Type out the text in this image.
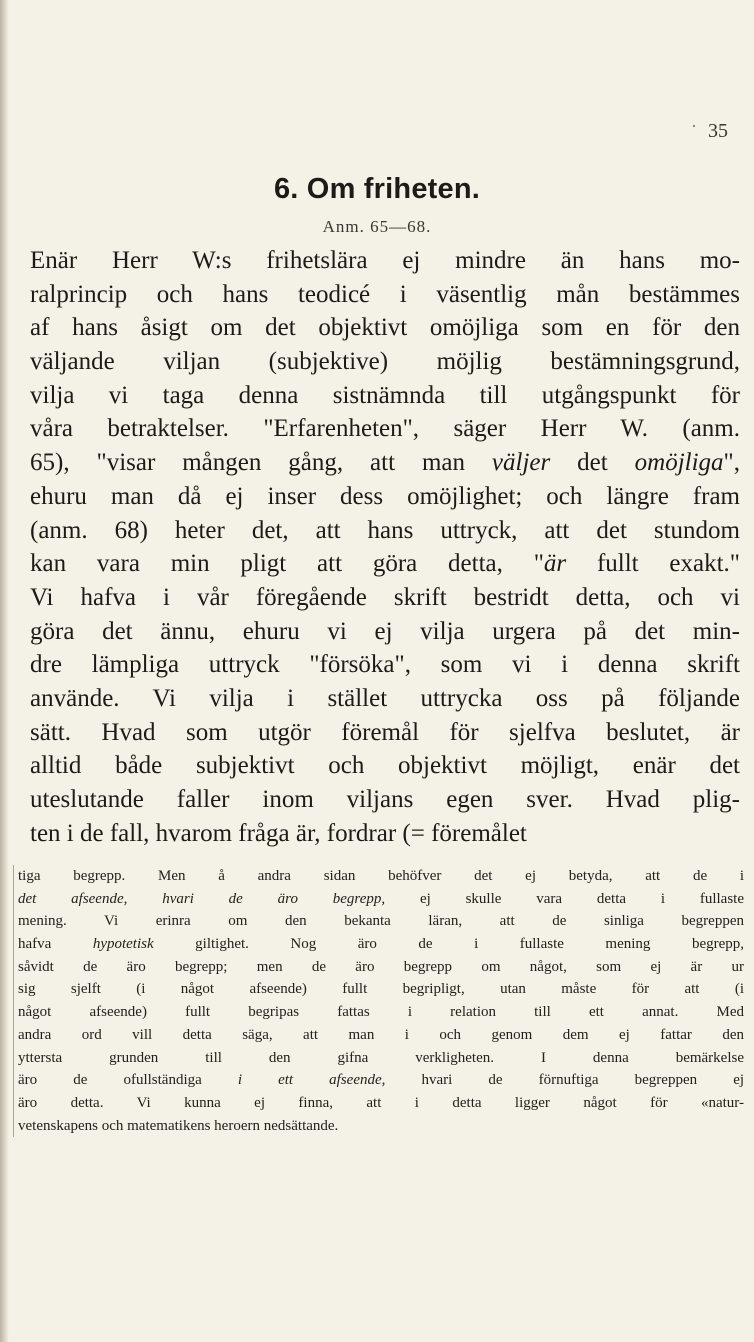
35
6. Om friheten.
Anm. 65—68.
Enär Herr W:s frihetslära ej mindre än hans mo-
ralprincip och hans teodicé i väsentlig mån bestämmes
af hans åsigt om det objektivt omöjliga som en för den
väljande viljan (subjektive) möjlig bestämningsgrund,
vilja vi taga denna sistnämnda till utgångspunkt för
våra betraktelser. "Erfarenheten", säger Herr W. (anm.
65), "visar mången gång, att man väljer det omöjliga",
ehuru man då ej inser dess omöjlighet; och längre fram
(anm. 68) heter det, att hans uttryck, att det stundom
kan vara min pligt att göra detta, "är fullt exakt."
Vi hafva i vår föregående skrift bestridt detta, och vi
göra det ännu, ehuru vi ej vilja urgera på det min-
dre lämpliga uttryck "försöka", som vi i denna skrift
använde. Vi vilja i stället uttrycka oss på följande
sätt. Hvad som utgör föremål för sjelfva beslutet, är
alltid både subjektivt och objektivt möjligt, enär det
uteslutande faller inom viljans egen sver. Hvad plig-
ten i de fall, hvarom fråga är, fordrar (= föremålet
tiga begrepp. Men å andra sidan behöfver det ej betyda, att de i
det afseende, hvari de äro begrepp, ej skulle vara detta i fullaste
mening. Vi erinra om den bekanta läran, att de sinliga begreppen
hafva hypotetisk giltighet. Nog äro de i fullaste mening begrepp,
såvidt de äro begrepp; men de äro begrepp om något, som ej är ur
sig sjelft (i något afseende) fullt begripligt, utan måste för att (i
något afseende) fullt begripas fattas i relation till ett annat. Med
andra ord vill detta säga, att man i och genom dem ej fattar den
yttersta grunden till den gifna verkligheten. I denna bemärkelse
äro de ofullständiga i ett afseende, hvari de förnuftiga begreppen ej
äro detta. Vi kunna ej finna, att i detta ligger något för «natur-
vetenskapens och matematikens heroern nedsättande.
